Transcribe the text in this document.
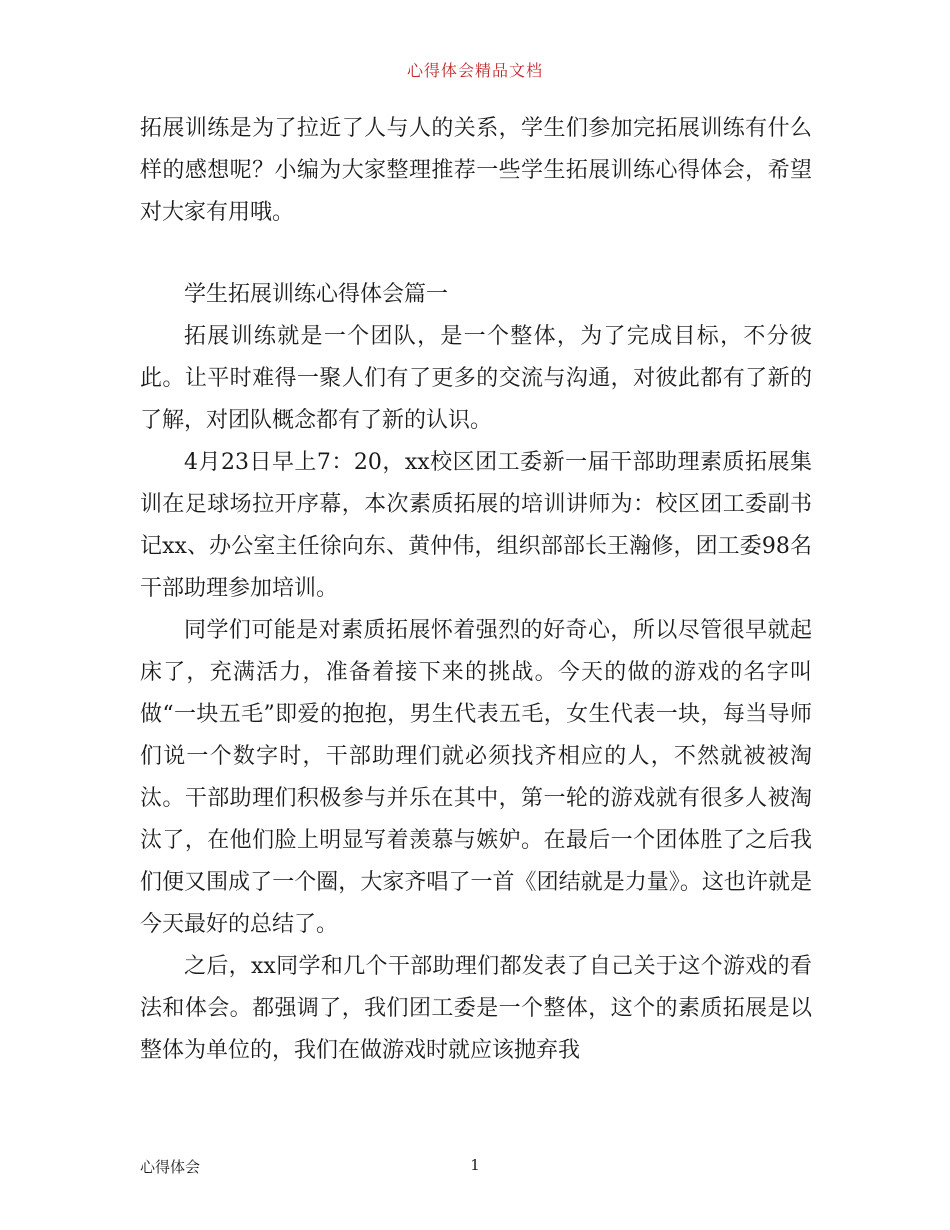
心得体会精品文档

拓展训练是为了拉近了人与人的关系，学生们参加完拓展训练有什么样的感想呢？小编为大家整理推荐一些学生拓展训练心得体会，希望对大家有用哦。

学生拓展训练心得体会篇一

拓展训练就是一个团队，是一个整体，为了完成目标，不分彼此。让平时难得一聚人们有了更多的交流与沟通，对彼此都有了新的了解，对团队概念都有了新的认识。

4月23日早上7：20，xx校区团工委新一届干部助理素质拓展集训在足球场拉开序幕，本次素质拓展的培训讲师为：校区团工委副书记xx、办公室主任徐向东、黄仲伟，组织部部长王瀚修，团工委98名干部助理参加培训。

同学们可能是对素质拓展怀着强烈的好奇心，所以尽管很早就起床了，充满活力，准备着接下来的挑战。今天的做的游戏的名字叫做“一块五毛”即爱的抱抱，男生代表五毛，女生代表一块，每当导师们说一个数字时，干部助理们就必须找齐相应的人，不然就被被淘汰。干部助理们积极参与并乐在其中，第一轮的游戏就有很多人被淘汰了，在他们脸上明显写着羡慕与嫉妒。在最后一个团体胜了之后我们便又围成了一个圈，大家齐唱了一首《团结就是力量》。这也许就是今天最好的总结了。

之后，xx同学和几个干部助理们都发表了自己关于这个游戏的看法和体会。都强调了，我们团工委是一个整体，这个的素质拓展是以整体为单位的，我们在做游戏时就应该抛弃我

心得体会	1
